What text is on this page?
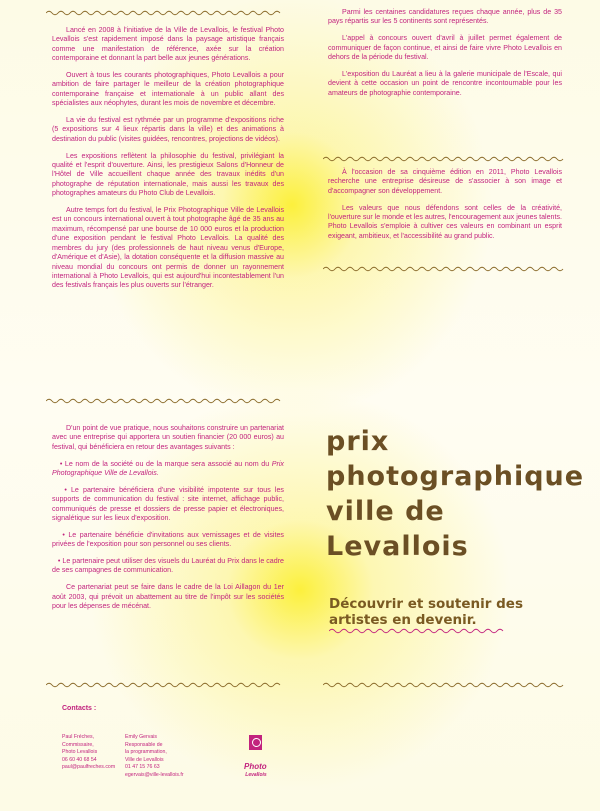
Lancé en 2008 à l'initiative de la Ville de Levallois, le festival Photo Levallois s'est rapidement imposé dans la paysage artistique français comme une manifestation de référence, axée sur la création contemporaine et donnant la part belle aux jeunes générations.

Ouvert à tous les courants photographiques, Photo Levallois a pour ambition de faire partager le meilleur de la création photographique contemporaine française et internationale à un public allant des spécialistes aux néophytes, durant les mois de novembre et décembre.

La vie du festival est rythmée par un programme d'expositions riche (5 expositions sur 4 lieux répartis dans la ville) et des animations à destination du public (visites guidées, rencontres, projections de vidéos).

Les expositions reflètent la philosophie du festival, privilégiant la qualité et l'esprit d'ouverture. Ainsi, les prestigieux Salons d'Honneur de l'Hôtel de Ville accueillent chaque année des travaux inédits d'un photographe de réputation internationale, mais aussi les travaux des photographes amateurs du Photo Club de Levallois.

Autre temps fort du festival, le Prix Photographique Ville de Levallois est un concours international ouvert à tout photographe âgé de 35 ans au maximum, récompensé par une bourse de 10 000 euros et la production d'une exposition pendant le festival Photo Levallois. La qualité des membres du jury (des professionnels de haut niveau venus d'Europe, d'Amérique et d'Asie), la dotation conséquente et la diffusion massive au niveau mondial du concours ont permis de donner un rayonnement international à Photo Levallois, qui est aujourd'hui incontestablement l'un des festivals français les plus ouverts sur l'étranger.

Parmi les centaines candidatures reçues chaque année, plus de 35 pays répartis sur les 5 continents sont représentés.

L'appel à concours ouvert d'avril à juillet permet également de communiquer de façon continue, et ainsi de faire vivre Photo Levallois en dehors de la période du festival.

L'exposition du Lauréat a lieu à la galerie municipale de l'Escale, qui devient à cette occasion un point de rencontre incontournable pour les amateurs de photographie contemporaine.

À l'occasion de sa cinquième édition en 2011, Photo Levallois recherche une entreprise désireuse de s'associer à son image et d'accompagner son développement.

Les valeurs que nous défendons sont celles de la créativité, l'ouverture sur le monde et les autres, l'encouragement aux jeunes talents. Photo Levallois s'emploie à cultiver ces valeurs en combinant un esprit exigeant, ambitieux, et l'accessibilité au grand public.

D'un point de vue pratique, nous souhaitons construire un partenariat avec une entreprise qui apportera un soutien financier (20 000 euros) au festival, qui bénéficiera en retour des avantages suivants :

• Le nom de la société ou de la marque sera associé au nom du Prix Photographique Ville de Levallois.

• Le partenaire bénéficiera d'une visibilité impotente sur tous les supports de communication du festival : site internet, affichage public, communiqués de presse et dossiers de presse papier et électroniques, signalétique sur les lieux d'exposition.

• Le partenaire bénéficie d'invitations aux vernissages et de visites privées de l'exposition pour son personnel ou ses clients.

• Le partenaire peut utiliser des visuels du Lauréat du Prix dans le cadre de ses campagnes de communication.

Ce partenariat peut se faire dans le cadre de la Loi Aillagon du 1er août 2003, qui prévoit un abattement au titre de l'impôt sur les sociétés pour les dépenses de mécénat.

prix
photographique
ville de
Levallois
Découvrir et soutenir des
artistes en devenir.
Contacts :
Paul Fréches,
Commissaire,
Photo Levallois
06 60 40 68 54
paul@paulfreches.com
Emily Gervais
Responsable de
la programmation,
Ville de Levallois
01 47 15 76 63
egervais@ville-levallois.fr
Photo
Levallois
